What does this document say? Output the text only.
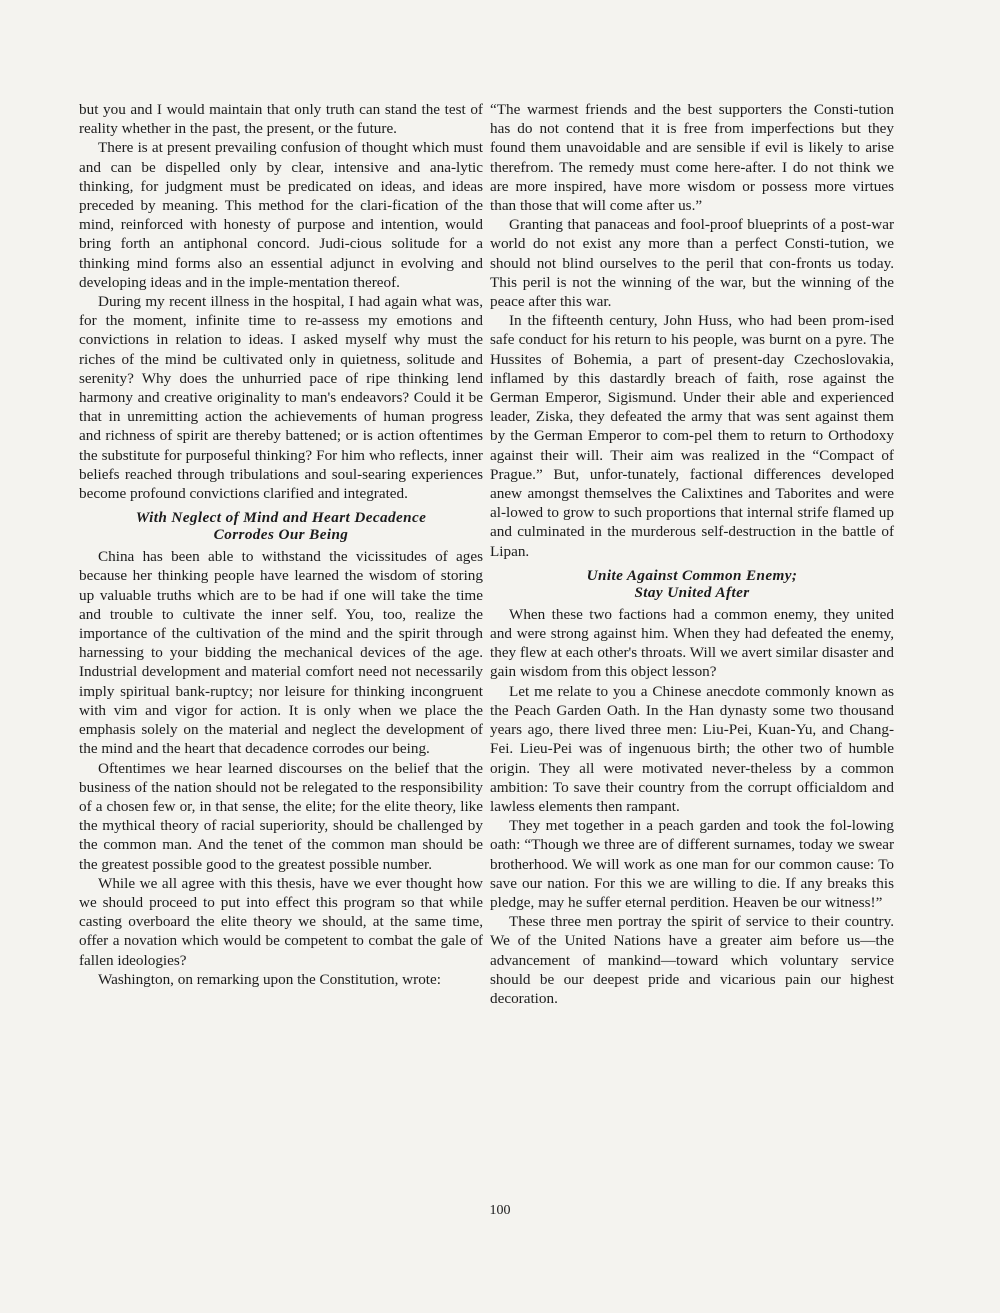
but you and I would maintain that only truth can stand the test of reality whether in the past, the present, or the future.

There is at present prevailing confusion of thought which must and can be dispelled only by clear, intensive and ana-lytic thinking, for judgment must be predicated on ideas, and ideas preceded by meaning. This method for the clari-fication of the mind, reinforced with honesty of purpose and intention, would bring forth an antiphonal concord. Judi-cious solitude for a thinking mind forms also an essential adjunct in evolving and developing ideas and in the imple-mentation thereof.

During my recent illness in the hospital, I had again what was, for the moment, infinite time to re-assess my emotions and convictions in relation to ideas. I asked myself why must the riches of the mind be cultivated only in quietness, solitude and serenity? Why does the unhurried pace of ripe thinking lend harmony and creative originality to man's endeavors? Could it be that in unremitting action the achievements of human progress and richness of spirit are thereby battened; or is action oftentimes the substitute for purposeful thinking? For him who reflects, inner beliefs reached through tribulations and soul-searing experiences become profound convictions clarified and integrated.

With Neglect of Mind and Heart Decadence
Corrodes Our Being

China has been able to withstand the vicissitudes of ages because her thinking people have learned the wisdom of storing up valuable truths which are to be had if one will take the time and trouble to cultivate the inner self. You, too, realize the importance of the cultivation of the mind and the spirit through harnessing to your bidding the mechanical devices of the age. Industrial development and material comfort need not necessarily imply spiritual bank-ruptcy; nor leisure for thinking incongruent with vim and vigor for action. It is only when we place the emphasis solely on the material and neglect the development of the mind and the heart that decadence corrodes our being.

Oftentimes we hear learned discourses on the belief that the business of the nation should not be relegated to the responsibility of a chosen few or, in that sense, the elite; for the elite theory, like the mythical theory of racial superiority, should be challenged by the common man. And the tenet of the common man should be the greatest possible good to the greatest possible number.

While we all agree with this thesis, have we ever thought how we should proceed to put into effect this program so that while casting overboard the elite theory we should, at the same time, offer a novation which would be competent to combat the gale of fallen ideologies?

Washington, on remarking upon the Constitution, wrote:

“The warmest friends and the best supporters the Consti-tution has do not contend that it is free from imperfections but they found them unavoidable and are sensible if evil is likely to arise therefrom. The remedy must come here-after. I do not think we are more inspired, have more wisdom or possess more virtues than those that will come after us.”

Granting that panaceas and fool-proof blueprints of a post-war world do not exist any more than a perfect Consti-tution, we should not blind ourselves to the peril that con-fronts us today. This peril is not the winning of the war, but the winning of the peace after this war.

In the fifteenth century, John Huss, who had been prom-ised safe conduct for his return to his people, was burnt on a pyre. The Hussites of Bohemia, a part of present-day Czechoslovakia, inflamed by this dastardly breach of faith, rose against the German Emperor, Sigismund. Under their able and experienced leader, Ziska, they defeated the army that was sent against them by the German Emperor to com-pel them to return to Orthodoxy against their will. Their aim was realized in the “Compact of Prague.” But, unfor-tunately, factional differences developed anew amongst themselves the Calixtines and Taborites and were al-lowed to grow to such proportions that internal strife flamed up and culminated in the murderous self-destruction in the battle of Lipan.

Unite Against Common Enemy;
Stay United After

When these two factions had a common enemy, they united and were strong against him. When they had defeated the enemy, they flew at each other's throats. Will we avert similar disaster and gain wisdom from this object lesson?

Let me relate to you a Chinese anecdote commonly known as the Peach Garden Oath. In the Han dynasty some two thousand years ago, there lived three men: Liu-Pei, Kuan-Yu, and Chang-Fei. Lieu-Pei was of ingenuous birth; the other two of humble origin. They all were motivated never-theless by a common ambition: To save their country from the corrupt officialdom and lawless elements then rampant.

They met together in a peach garden and took the fol-lowing oath: “Though we three are of different surnames, today we swear brotherhood. We will work as one man for our common cause: To save our nation. For this we are willing to die. If any breaks this pledge, may he suffer eternal perdition. Heaven be our witness!”

These three men portray the spirit of service to their country. We of the United Nations have a greater aim before us—the advancement of mankind—toward which voluntary service should be our deepest pride and vicarious pain our highest decoration.

100
